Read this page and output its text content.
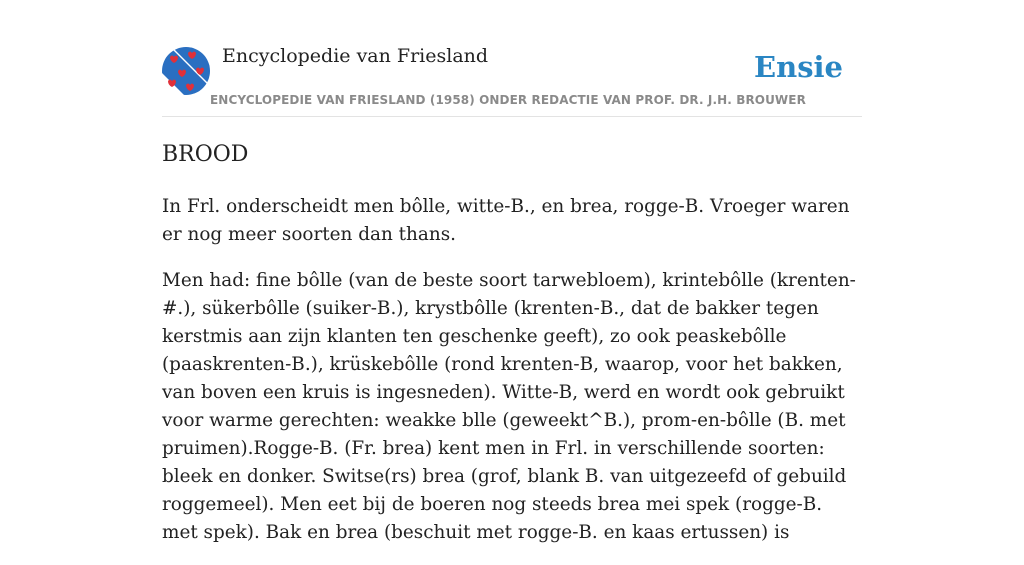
Encyclopedie van Friesland	Ensie
ENCYCLOPEDIE VAN FRIESLAND (1958) ONDER REDACTIE VAN PROF. DR. J.H. BROUWER
BROOD

In Frl. onderscheidt men bôlle, witte-B., en brea, rogge-B. Vroeger waren er nog meer soorten dan thans.

Men had: fine bôlle (van de beste soort tarwebloem), krintebôlle (krenten-#.), sükerbôlle (suiker-B.), krystbôlle (krenten-B., dat de bakker tegen kerstmis aan zijn klanten ten geschenke geeft), zo ook peaskebôlle (paaskrenten-B.), krüskebôlle (rond krenten-B, waarop, voor het bakken, van boven een kruis is ingesneden). Witte-B, werd en wordt ook gebruikt voor warme gerechten: weakke blle (geweekt^B.), prom-en-bôlle (B. met pruimen).Rogge-B. (Fr. brea) kent men in Frl. in verschillende soorten: bleek en donker. Switse(rs) brea (grof, blank B. van uitgezeefd of gebuild roggemeel). Men eet bij de boeren nog steeds brea mei spek (rogge-B. met spek). Bak en brea (beschuit met rogge-B. en kaas ertussen) is
